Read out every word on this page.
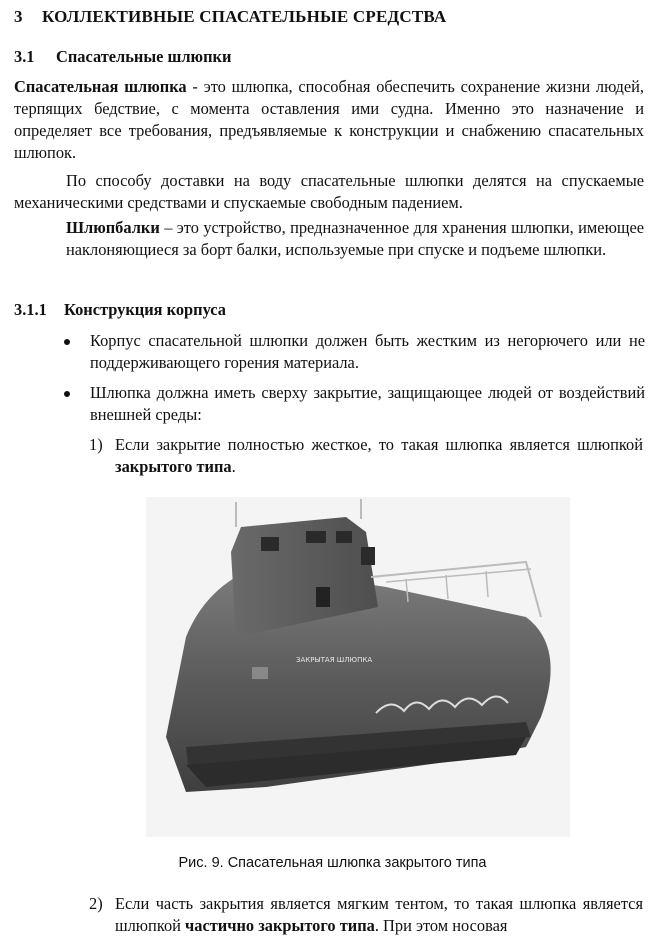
3 КОЛЛЕКТИВНЫЕ СПАСАТЕЛЬНЫЕ СРЕДСТВА
3.1 Спасательные шлюпки

Спасательная шлюпка - это шлюпка, способная обеспечить сохранение жизни людей, терпящих бедствие, с момента оставления ими судна. Именно это назначение и определяет все требования, предъявляемые к конструкции и снабжению спасательных шлюпок.

По способу доставки на воду спасательные шлюпки делятся на спускаемые механическими средствами и спускаемые свободным падением.

Шлюпбалки – это устройство, предназначенное для хранения шлюпки, имеющее наклоняющиеся за борт балки, используемые при спуске и подъеме шлюпки.

3.1.1 Конструкция корпуса

Корпус спасательной шлюпки должен быть жестким из негорючего или не поддерживающего горения материала.

Шлюпка должна иметь сверху закрытие, защищающее людей от воздействий внешней среды:

1) Если закрытие полностью жесткое, то такая шлюпка является шлюпкой закрытого типа.

ЗАКРЫТАЯ ШЛЮПКА
Рис. 9. Спасательная шлюпка закрытого типа

2) Если часть закрытия является мягким тентом, то такая шлюпка является шлюпкой частично закрытого типа. При этом носовая
